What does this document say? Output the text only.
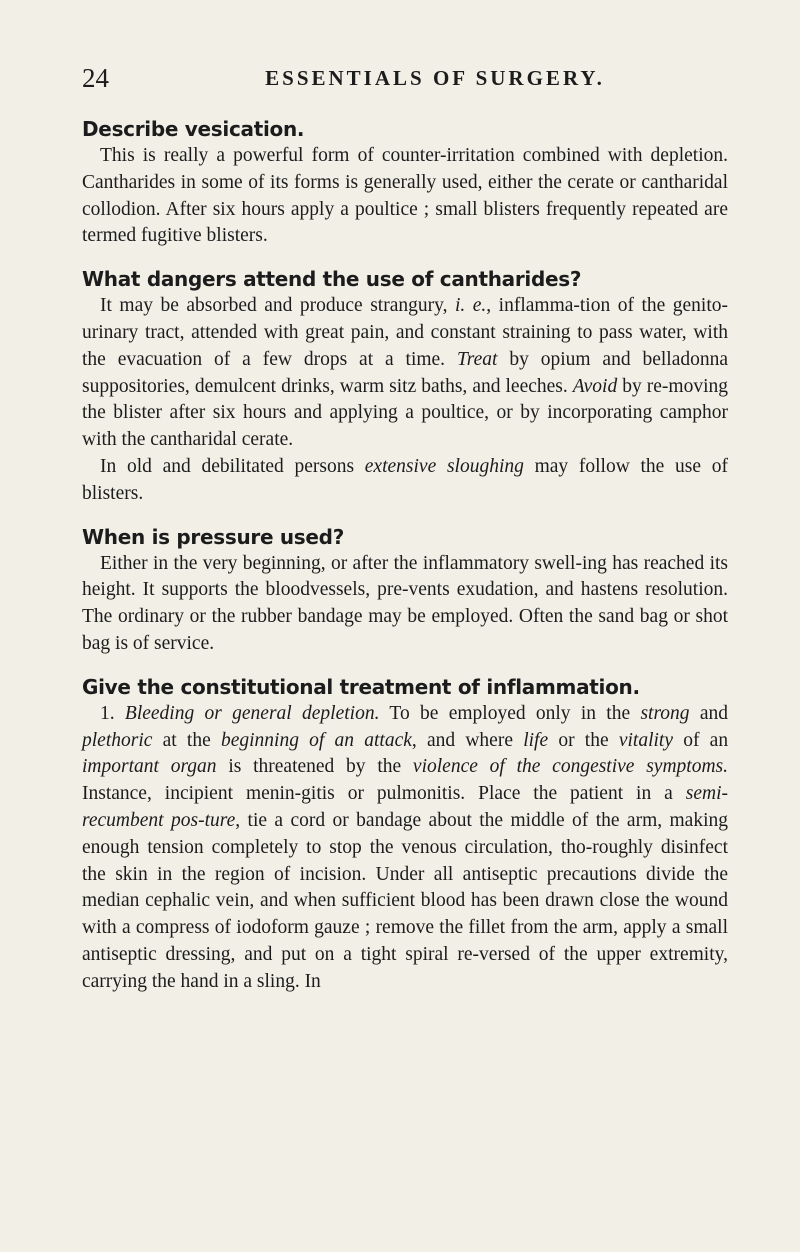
24	ESSENTIALS OF SURGERY.
Describe vesication.

This is really a powerful form of counter-irritation combined with depletion. Cantharides in some of its forms is generally used, either the cerate or cantharidal collodion. After six hours apply a poultice ; small blisters frequently repeated are termed fugitive blisters.

What dangers attend the use of cantharides?

It may be absorbed and produce strangury, i. e., inflamma-tion of the genito-urinary tract, attended with great pain, and constant straining to pass water, with the evacuation of a few drops at a time. Treat by opium and belladonna suppositories, demulcent drinks, warm sitz baths, and leeches. Avoid by re-moving the blister after six hours and applying a poultice, or by incorporating camphor with the cantharidal cerate.

In old and debilitated persons extensive sloughing may follow the use of blisters.

When is pressure used?

Either in the very beginning, or after the inflammatory swell-ing has reached its height. It supports the bloodvessels, pre-vents exudation, and hastens resolution. The ordinary or the rubber bandage may be employed. Often the sand bag or shot bag is of service.

Give the constitutional treatment of inflammation.

1. Bleeding or general depletion. To be employed only in the strong and plethoric at the beginning of an attack, and where life or the vitality of an important organ is threatened by the violence of the congestive symptoms. Instance, incipient menin-gitis or pulmonitis. Place the patient in a semi-recumbent pos-ture, tie a cord or bandage about the middle of the arm, making enough tension completely to stop the venous circulation, tho-roughly disinfect the skin in the region of incision. Under all antiseptic precautions divide the median cephalic vein, and when sufficient blood has been drawn close the wound with a compress of iodoform gauze ; remove the fillet from the arm, apply a small antiseptic dressing, and put on a tight spiral re-versed of the upper extremity, carrying the hand in a sling. In
